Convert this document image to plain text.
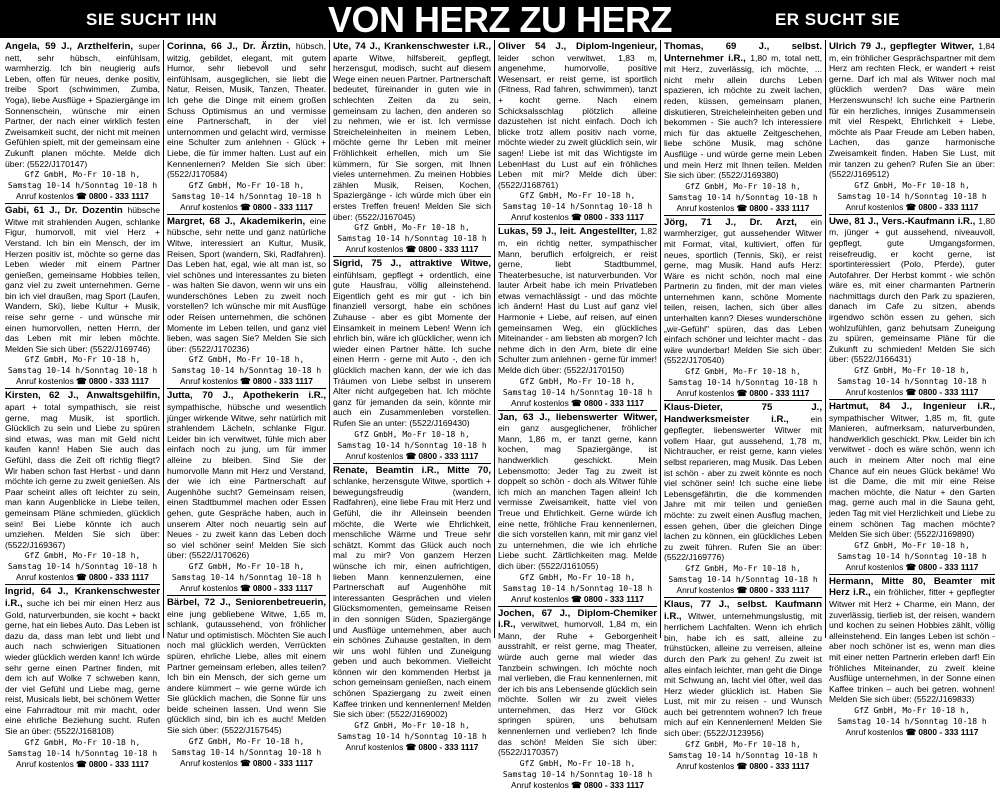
SIE SUCHT IHN	VON HERZ ZU HERZ	ER SUCHT SIE
Angela, 59 J., Arzthelferin, super nett, sehr hübsch, einfühlsam, warmherzig. Ich bin neugierig aufs Leben, offen für neues, denke positiv, treibe Sport (schwimmen, Zumba, Yoga), liebe Ausflüge + Spaziergänge im Sonnenschein, wünsche mir einen Partner, der nach einer wirklich festen Zweisamkeit sucht, der nicht mit meinen Gefühlen spielt, mit der gemeinsam eine Zukunft planen möchte. Melde dich über: (5522/J170147)
GfZ GmbH, Mo-Fr 10-18 h,
Samstag 10-14 h/Sonntag 10-18 h
Anruf kostenlos ☎ 0800 - 333 1117
Gabi, 61 J., Dr. Dozentin hübsche Witwe mit strahlenden Augen, schlanke Figur, humorvoll, mit viel Herz + Verstand. Ich bin ein Mensch, der im Herzen positiv ist, möchte so gerne das Leben wieder mit einem Partner genießen, gemeinsame Hobbies teilen, ganz viel zu zweit unternehmen. Gerne bin ich viel draußen, mag Sport (Laufen, Wandern, Ski), liebe Kultur + Musik, reise sehr gerne - und wünsche mir einen humorvollen, netten Herrn, der das Leben mit mir leben möchte. Melden Sie sich über: (5522/J169746)
GfZ GmbH, Mo-Fr 10-18 h,
Samstag 10-14 h/Sonntag 10-18 h
Anruf kostenlos ☎ 0800 - 333 1117
Kirsten, 62 J., Anwaltsgehilfin, apart + total sympathisch, sie reist gerne, mag Musik, ist sportlich. Glücklich zu sein und Liebe zu spüren sind etwas, was man mit Geld nicht kaufen kann! Haben Sie auch das Gefühl, dass die Zeit oft richtig fliegt? Wir haben schon fast Herbst - und dann möchte ich gerne zu zweit genießen. Als Paar scheint alles oft leichter zu sein, man kann Augenblicke in Liebe teilen, gemeinsam Pläne schmieden, glücklich sein! Bei Liebe könnte ich auch umziehen. Melden Sie sich über: (5522/J169367)
GfZ GmbH, Mo-Fr 10-18 h,
Samstag 10-14 h/Sonntag 10-18 h
Anruf kostenlos ☎ 0800 - 333 1117
Ingrid, 64 J., Krankenschwester i.R., suche ich bei mir einen Herz aus Gold, naturverbunden, sie kocht + backt gerne, hat ein liebes Auto. Das Leben ist dazu da, dass man lebt und liebt und auch nach schwierigen Situationen wieder glücklich werden kann! Ich würde sehr gerne einen Partner finden, mit dem ich auf Wolke 7 schweben kann, der viel Gefühl und Liebe mag, gerne reist, Musicals liebt, bei schönem Wetter eine Fahrradtour mit mir macht, oder eine ehrliche Beziehung sucht. Rufen Sie an über: (5522/J168108)
GfZ GmbH, Mo-Fr 10-18 h,
Samstag 10-14 h/Sonntag 10-18 h
Anruf kostenlos ☎ 0800 - 333 1117
Corinna, 66 J., Dr. Ärztin, hübsch, witzig, gebildet, elegant, mit gutem Humor, sehr liebevoll und sehr einfühlsam, ausgeglichen, sie liebt die Natur, Reisen, Musik, Tanzen, Theater. Ich gehe die Dinge mit einem großen Schuss Optimismus an und vermisse eine Partnerschaft, in der viel unternommen und gelacht wird, vermisse eine Schulter zum anlehnen - Glück + Liebe, die für immer halten. Lust auf ein Kennenlernen? Melden Sie sich über: (5522/J170584)
GfZ GmbH, Mo-Fr 10-18 h,
Samstag 10-14 h/Sonntag 10-18 h
Anruf kostenlos ☎ 0800 - 333 1117
Margret, 68 J., Akademikerin, eine hübsche, sehr nette und ganz natürliche Witwe, interessiert an Kultur, Musik, Reisen, Sport (wandern, Ski, Radfahren). Das Leben hat, egal, wie alt man ist, so viel schönes und interessantes zu bieten - was halten Sie davon, wenn wir uns ein wunderschönes Leben zu zweit noch vorstellen? Ich wünsche mir mit Ausflüge oder Reisen unternehmen, die schönen Momente im Leben teilen, und ganz viel lieben, was sagen Sie? Melden Sie sich über: (5522/J170236)
GfZ GmbH, Mo-Fr 10-18 h,
Samstag 10-14 h/Sonntag 10-18 h
Anruf kostenlos ☎ 0800 - 333 1117
Jutta, 70 J., Apothekerin i.R., sympathische, hübsche und wesentlich jünger wirkende Witwe, sehr natürlich mit strahlendem Lächeln, schlanke Figur. Leider bin ich verwitwet, fühle mich aber einfach noch zu jung, um für immer alleine zu bleiben. Sind Sie der humorvolle Mann mit Herz und Verstand, der wie ich eine Partnerschaft auf Augenhöhe sucht? Gemeinsam reisen, einen Stadtbummel machen oder Essen gehen, gute Gespräche haben, auch in unserem Alter noch neuartig sein auf Neues - zu zweit kann das Leben doch so viel schöner sein! Melden Sie sich über: (5522/J170626)
GfZ GmbH, Mo-Fr 10-18 h,
Samstag 10-14 h/Sonntag 10-18 h
Anruf kostenlos ☎ 0800 - 333 1117
Bärbel, 72 J., Seniorenbetreuerin, eine jung gebliebene Witwe, 1,65 m, schlank, gutaussehend, von fröhlicher Natur und optimistisch. Möchten Sie auch noch mal glücklich werden, Verrückten spüren, ehrliche Liebe, alles mit einem Partner gemeinsam erleben, alles teilen? Ich bin ein Mensch, der sich gerne um andere kümmert – wie gerne würde ich Sie glücklich machen, die Sonne für uns beide scheinen lassen. Und wenn Sie glücklich sind, bin ich es auch! Melden Sie sich über: (5522/J157545)
GfZ GmbH, Mo-Fr 10-18 h,
Samstag 10-14 h/Sonntag 10-18 h
Anruf kostenlos ☎ 0800 - 333 1117
Ute, 74 J., Krankenschwester i.R., aparte Witwe, hilfsbereit, gepflegt, herzensgut, modisch, sucht auf diesem Wege einen neuen Partner. Partnerschaft bedeutet, füreinander in guten wie in schlechten Zeiten da zu sein, gemeinsam zu lachen, den anderen so zu nehmen, wie er ist. Ich vermisse Streicheleinheiten in meinem Leben, möchte gerne Ihr Leben mit meiner Fröhlichkeit erhellen, mich um Sie kümmern, für Sie sorgen, mit Ihnen vieles unternehmen. Zu meinen Hobbies zählen Musik, Reisen, Kochen, Spaziergänge - ich würde mich über ein erstes Treffen freuen! Melden Sie sich über: (5522/J167045)
GfZ GmbH, Mo-Fr 10-18 h,
Samstag 10-14 h/Sonntag 10-18 h
Anruf kostenlos ☎ 0800 - 333 1117
Sigrid, 75 J., attraktive Witwe, einfühlsam, gepflegt + ordentlich, eine gute Hausfrau, völlig alleinstehend. Eigentlich geht es mir gut - ich bin finanziell versorgt, habe ein schönes Zuhause - aber es gibt Momente der Einsamkeit in meinem Leben! Wenn ich ehrlich bin, wäre ich glücklicher, wenn ich wieder einen Partner hätte. Ich suche einen Herrn - gerne mit Auto -, den ich glücklich machen kann, der wie ich das Träumen von Liebe selbst in unserem Alter nicht aufgegeben hat. Ich möchte ganz für jemanden da sein, könnte mir auch ein Zusammenleben vorstellen. Rufen Sie an unter: (5522/J169430)
GfZ GmbH, Mo-Fr 10-18 h,
Samstag 10-14 h/Sonntag 10-18 h
Anruf kostenlos ☎ 0800 - 333 1117
Renate, Beamtin i.R., Mitte 70, schlanke, herzensgute Witwe, sportlich + bewegungsfreudig (wandern, Radfahren), eine liebe Frau mit Herz und Gefühl, die ihr Alleinsein beenden möchte, die Werte wie Ehrlichkeit, menschliche Wärme und Treue sehr schätzt. Kommt das Glück auch noch mal zu mir? Von ganzem Herzen wünsche ich mir, einen aufrichtigen, lieben Mann kennenzulernen, eine Partnerschaft auf Augenhöhe mit interessanten Gesprächen und vielen Glücksmomenten, gemeinsame Reisen in den sonnigen Süden, Spaziergänge und Ausflüge unternehmen, aber auch ein schönes Zuhause gestalten, in dem wir uns wohl fühlen und Zuneigung geben und auch bekommen. Vielleicht können wir den kommenden Herbst ja schon gemeinsam genießen, nach einem schönen Spaziergang zu zweit einen Kaffee trinken und kennenlernen! Melden Sie sich über: (5522/J169002)
GfZ GmbH, Mo-Fr 10-18 h,
Samstag 10-14 h/Sonntag 10-18 h
Anruf kostenlos ☎ 0800 - 333 1117
Oliver 54 J., Diplom-Ingenieur, leider schon verwitwet, 1,83 m, angenehme, humorvolle, positive Wesensart, er reist gerne, ist sportlich (Fitness, Rad fahren, schwimmen), tanzt + kocht gerne. Nach einem Schicksalsschlag plötzlich alleine dazustehen ist nicht einfach. Doch ich blicke trotz allem positiv nach vorne, möchte wieder zu zweit glücklich sein, wir sagen! Liebe ist mit das Wichtigste im LebenHast du Lust auf ein fröhliches Leben mit mir? Melde dich über: (5522/J168761)
GfZ GmbH, Mo-Fr 10-18 h,
Samstag 10-14 h/Sonntag 10-18 h
Anruf kostenlos ☎ 0800 - 333 1117
Lukas, 59 J., leit. Angestellter, 1,82 m, ein richtig netter, sympathischer Mann, beruflich erfolgreich, er reist gerne, liebt Stadtbummel, Theaterbesuche, ist naturverbunden. Vor lauter Arbeit habe ich mein Privatleben etwas vernachlässigt - und das möchte ich ändern! Hast du Lust auf ganz viel Harmonie + Liebe, auf reisen, auf einen gemeinsamen Weg, ein glückliches Miteinander - am liebsten ab morgen? Ich nehme dich in den Arm, biete dir eine Schulter zum anlehnen - gerne für immer! Melde dich über: (5522/J170150)
GfZ GmbH, Mo-Fr 10-18 h,
Samstag 10-14 h/Sonntag 10-18 h
Anruf kostenlos ☎ 0800 - 333 1117
Jan, 63 J., liebenswerter Witwer, ein ganz ausgeglichener, fröhlicher Mann, 1,86 m, er tanzt gerne, kann kochen, mag Spaziergänge, ist handwerklich geschickt. Mein Lebensmotto: Jeder Tag zu zweit ist doppelt so schön - doch als Witwer fühle ich mich an manchen Tagen allein! Ich vermisse Zweisamkeit, hatte viel von Treue und Ehrlichkeit. Gerne würde ich eine nette, fröhliche Frau kennenlernen, die sich vorstellen kann, mit mir ganz viel zu unternehmen, die wie ich ehrliche Liebe sucht. Zärtlichkeiten mag. Melde dich über: (5522/J161055)
GfZ GmbH, Mo-Fr 10-18 h,
Samstag 10-14 h/Sonntag 10-18 h
Anruf kostenlos ☎ 0800 - 333 1117
Jochen, 67 J., Diplom-Chemiker i.R., verwitwet, humorvoll, 1,84 m, ein Mann, der Ruhe + Geborgenheit ausstrahlt, er reist gerne, mag Theater, würde auch gerne mal wieder das Tanzbein schwingen. Ich möchte noch mal verlieben, die Frau kennenlernen, mit der ich bis ans Lebensende glücklich sein möchte. Sollen wir zu zweit vieles unternehmen, das Herz vor Glück springen spüren, uns behutsam kennenlernen und verlieben? Ich finde das schön! Melden Sie sich über: (5522/J170357)
GfZ GmbH, Mo-Fr 10-18 h,
Samstag 10-14 h/Sonntag 10-18 h
Anruf kostenlos ☎ 0800 - 333 1117
Thomas, 69 J., selbst. Unternehmer i.R., 1,80 m, total nett, mit Herz, zuverlässig, ich möchte, ... nicht mehr allein durchs Leben spazieren, ich möchte zu zweit lachen, reden, küssen, gemeinsam planen, diskutieren, Streicheleinheiten geben und bekommen - Sie auch? Ich interessiere mich für das aktuelle Zeitgeschehen, liebe schöne Musik, mag schöne Ausflüge - und würde gerne mein Leben und mein Herz mit Ihnen teilen. Melden Sie sich über: (5522/J169380)
GfZ GmbH, Mo-Fr 10-18 h,
Samstag 10-14 h/Sonntag 10-18 h
Anruf kostenlos ☎ 0800 - 333 1117
Jörg, 71 J., Dr. Arzt, ein warmherziger, gut aussehender Witwer mit Format, vital, kultiviert, offen für neues, sportlich (Tennis, Ski), er reist gerne, mag Musik. Hand aufs Herz: Wäre es nicht schön, noch mal eine Partnerin zu finden, mit der man vieles unternehmen kann, schöne Momente teilen, reisen, lachen, sich über alles unterhalten kann? Dieses wunderschöne „wir-Gefühl" spüren, das das Leben einfach schöner und leichter macht - das wäre wunderbar! Melden Sie sich über: (5522/J170540)
GfZ GmbH, Mo-Fr 10-18 h,
Samstag 10-14 h/Sonntag 10-18 h
Anruf kostenlos ☎ 0800 - 333 1117
Klaus-Dieter, 75 J., Handwerksmeister i.R., ein gepflegter, liebenswerter Witwer mit vollem Haar, gut aussehend, 1,78 m, Nichtraucher, er reist gerne, kann vieles selbst reparieren, mag Musik. Das Leben ist schön - aber zu zweit könnte es noch viel schöner sein! Ich suche eine liebe Lebensgefährtin, die die kommenden Jahre mit mir teilen und genießen möchte: zu zweit einen Ausflug machen, essen gehen, über die gleichen Dinge lachen zu können, ein glückliches Leben zu zweit führen. Rufen Sie an über: (5522/J169776)
GfZ GmbH, Mo-Fr 10-18 h,
Samstag 10-14 h/Sonntag 10-18 h
Anruf kostenlos ☎ 0800 - 333 1117
Klaus, 77 J., selbst. Kaufmann i.R., Witwer, unternehmungslustig, mit herrlichem Lachfalten. Wenn ich ehrlich bin, habe ich es satt, alleine zu frühstücken, alleine zu verreisen, alleine durch den Park zu gehen! Zu zweit ist alles einfach leichter, man geht die Dinge mit Schwung an, lacht viel öfter, weil das Herz wieder glücklich ist. Haben Sie Lust, mit mir zu reisen - und Wunsch auch bei getrenntem wohnen? Ich freue mich auf ein Kennenlernen! Melden Sie sich über: (5522/J123956)
GfZ GmbH, Mo-Fr 10-18 h,
Samstag 10-14 h/Sonntag 10-18 h
Anruf kostenlos ☎ 0800 - 333 1117
Ulrich 79 J., gepflegter Witwer, 1,84 m, ein fröhlicher Gesprächspartner mit dem Herz am rechten Fleck, er wandert + reist gerne. Darf ich mal als Witwer noch mal glücklich werden? Das wäre mein Herzenswunsch! Ich suche eine Partnerin für ein herzliches, inniges Zusammensein mit viel Respekt, Ehrlichkeit + Liebe, möchte als Paar Freude am Leben haben, Lachen, das ganze harmonische Zweisamkeit finden. Haben Sie Lust, mit mir tanzen zu gehen? Rufen Sie an über: (5522/J169512)
GfZ GmbH, Mo-Fr 10-18 h,
Samstag 10-14 h/Sonntag 10-18 h
Anruf kostenlos ☎ 0800 - 333 1117
Uwe, 81 J., Vers.-Kaufmann i.R., 1,80 m, jünger + gut aussehend, niveauvoll, gepflegt, gute Umgangsformen, reisefreudig, er kocht gerne, ist sportinteressiert (Polo, Pferde), guter Autofahrer. Der Herbst kommt - wie schön wäre es, mit einer charmanten Partnerin nachmittags durch den Park zu spazieren, danach im Cafe zu sitzen, abends irgendwo schön essen zu gehen, sich wohlzufühlen, ganz behutsam Zuneigung zu spüren, gemeinsame Pläne für die Zukunft zu schmieden! Melden Sie sich über: (5522/J166431)
GfZ GmbH, Mo-Fr 10-18 h,
Samstag 10-14 h/Sonntag 10-18 h
Anruf kostenlos ☎ 0800 - 333 1117
Hartmut, 84 J., Ingenieur i.R., sympathischer Witwer, 1,85 m, fit, gute Manieren, aufmerksam, naturverbunden, handwerklich geschickt. Pkw. Leider bin ich verwitwet - doch es wäre schön, wenn ich auch in meinem Alter noch mal eine Chance auf ein neues Glück bekäme! Wo ist die Dame, die mit mir eine Reise machen möchte, die Natur + den Garten mag, gerne auch mal in die Sauna geht, jeden Tag mit viel Herzlichkeit und Liebe zu einem schönen Tag machen möchte? Melden Sie sich über: (5522/J169890)
GfZ GmbH, Mo-Fr 10-18 h,
Samstag 10-14 h/Sonntag 10-18 h
Anruf kostenlos ☎ 0800 - 333 1117
Hermann, Mitte 80, Beamter mit Herz i.R., ein fröhlicher, fitter + gepflegter Witwer mit Herz + Charme, ein Mann, der zuverlässig, tierlieb ist, der reisen, wandern und kochen zu seinen Hobbies zählt, völlig alleinstehend. Ein langes Leben ist schön - aber noch schöner ist es, wenn man dies mit einer netten Partnerin erleben darf! Ein fröhliches Miteinander, zu zweit kleine Ausflüge unternehmen, in der Sonne einen Kaffee trinken – auch bei getren. wohnen! Melden Sie sich über: (5522/J169833)
GfZ GmbH, Mo-Fr 10-18 h,
Samstag 10-14 h/Sonntag 10-18 h
Anruf kostenlos ☎ 0800 - 333 1117
